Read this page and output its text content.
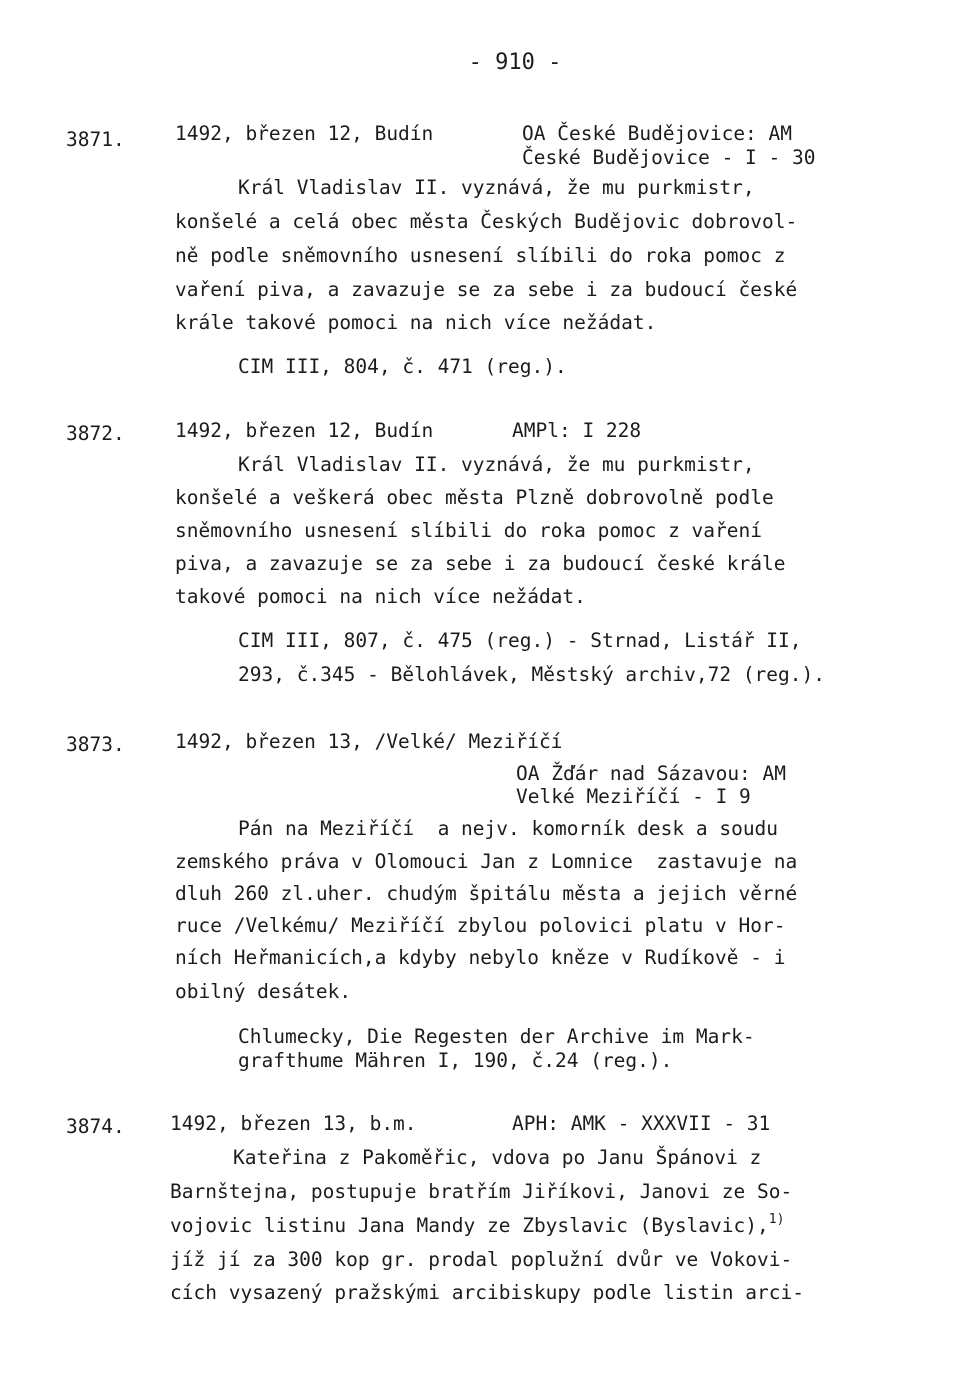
- 910 -
3871.	1492, březen 12, Budín	OA České Budějovice: AM
České Budějovice - I - 30
Král Vladislav II. vyznává, že mu purkmistr,
konšelé a celá obec města Českých Budějovic dobrovol-
ně podle sněmovního usnesení slíbili do roka pomoc z
vaření piva, a zavazuje se za sebe i za budoucí české
krále takové pomoci na nich více nežádat.
CIM III, 804, č. 471 (reg.).
3872.	1492, březen 12, Budín	AMPl: I 228
Král Vladislav II. vyznává, že mu purkmistr,
konšelé a veškerá obec města Plzně dobrovolně podle
sněmovního usnesení slíbili do roka pomoc z vaření
piva, a zavazuje se za sebe i za budoucí české krále
takové pomoci na nich více nežádat.
CIM III, 807, č. 475 (reg.) - Strnad, Listář II,
293, č.345 - Bělohlávek, Městský archiv,72 (reg.).
3873.	1492, březen 13, /Velké/ Meziříčí
OA Žďár nad Sázavou: AM
Velké Meziříčí - I 9
Pán na Meziříčí  a nejv. komorník desk a soudu
zemského práva v Olomouci Jan z Lomnice  zastavuje na
dluh 260 zl.uher. chudým špitálu města a jejich věrné
ruce /Velkému/ Meziříčí zbylou polovici platu v Hor-
ních Heřmanicích,a kdyby nebylo kněze v Rudíkově - i
obilný desátek.
Chlumecky, Die Regesten der Archive im Mark-
grafthume Mähren I, 190, č.24 (reg.).
3874. 1492, březen 13, b.m.	APH: AMK - XXXVII - 31
Kateřina z Pakoměřic, vdova po Janu Špánovi z
Barnštejna, postupuje bratřím Jiříkovi, Janovi ze So-
vojovic listinu Jana Mandy ze Zbyslavic (Byslavic),$^{1)}$
jíž jí za 300 kop gr. prodal poplužní dvůr ve Vokovi-
cích vysazený pražskými arcibiskupy podle listin arci-
